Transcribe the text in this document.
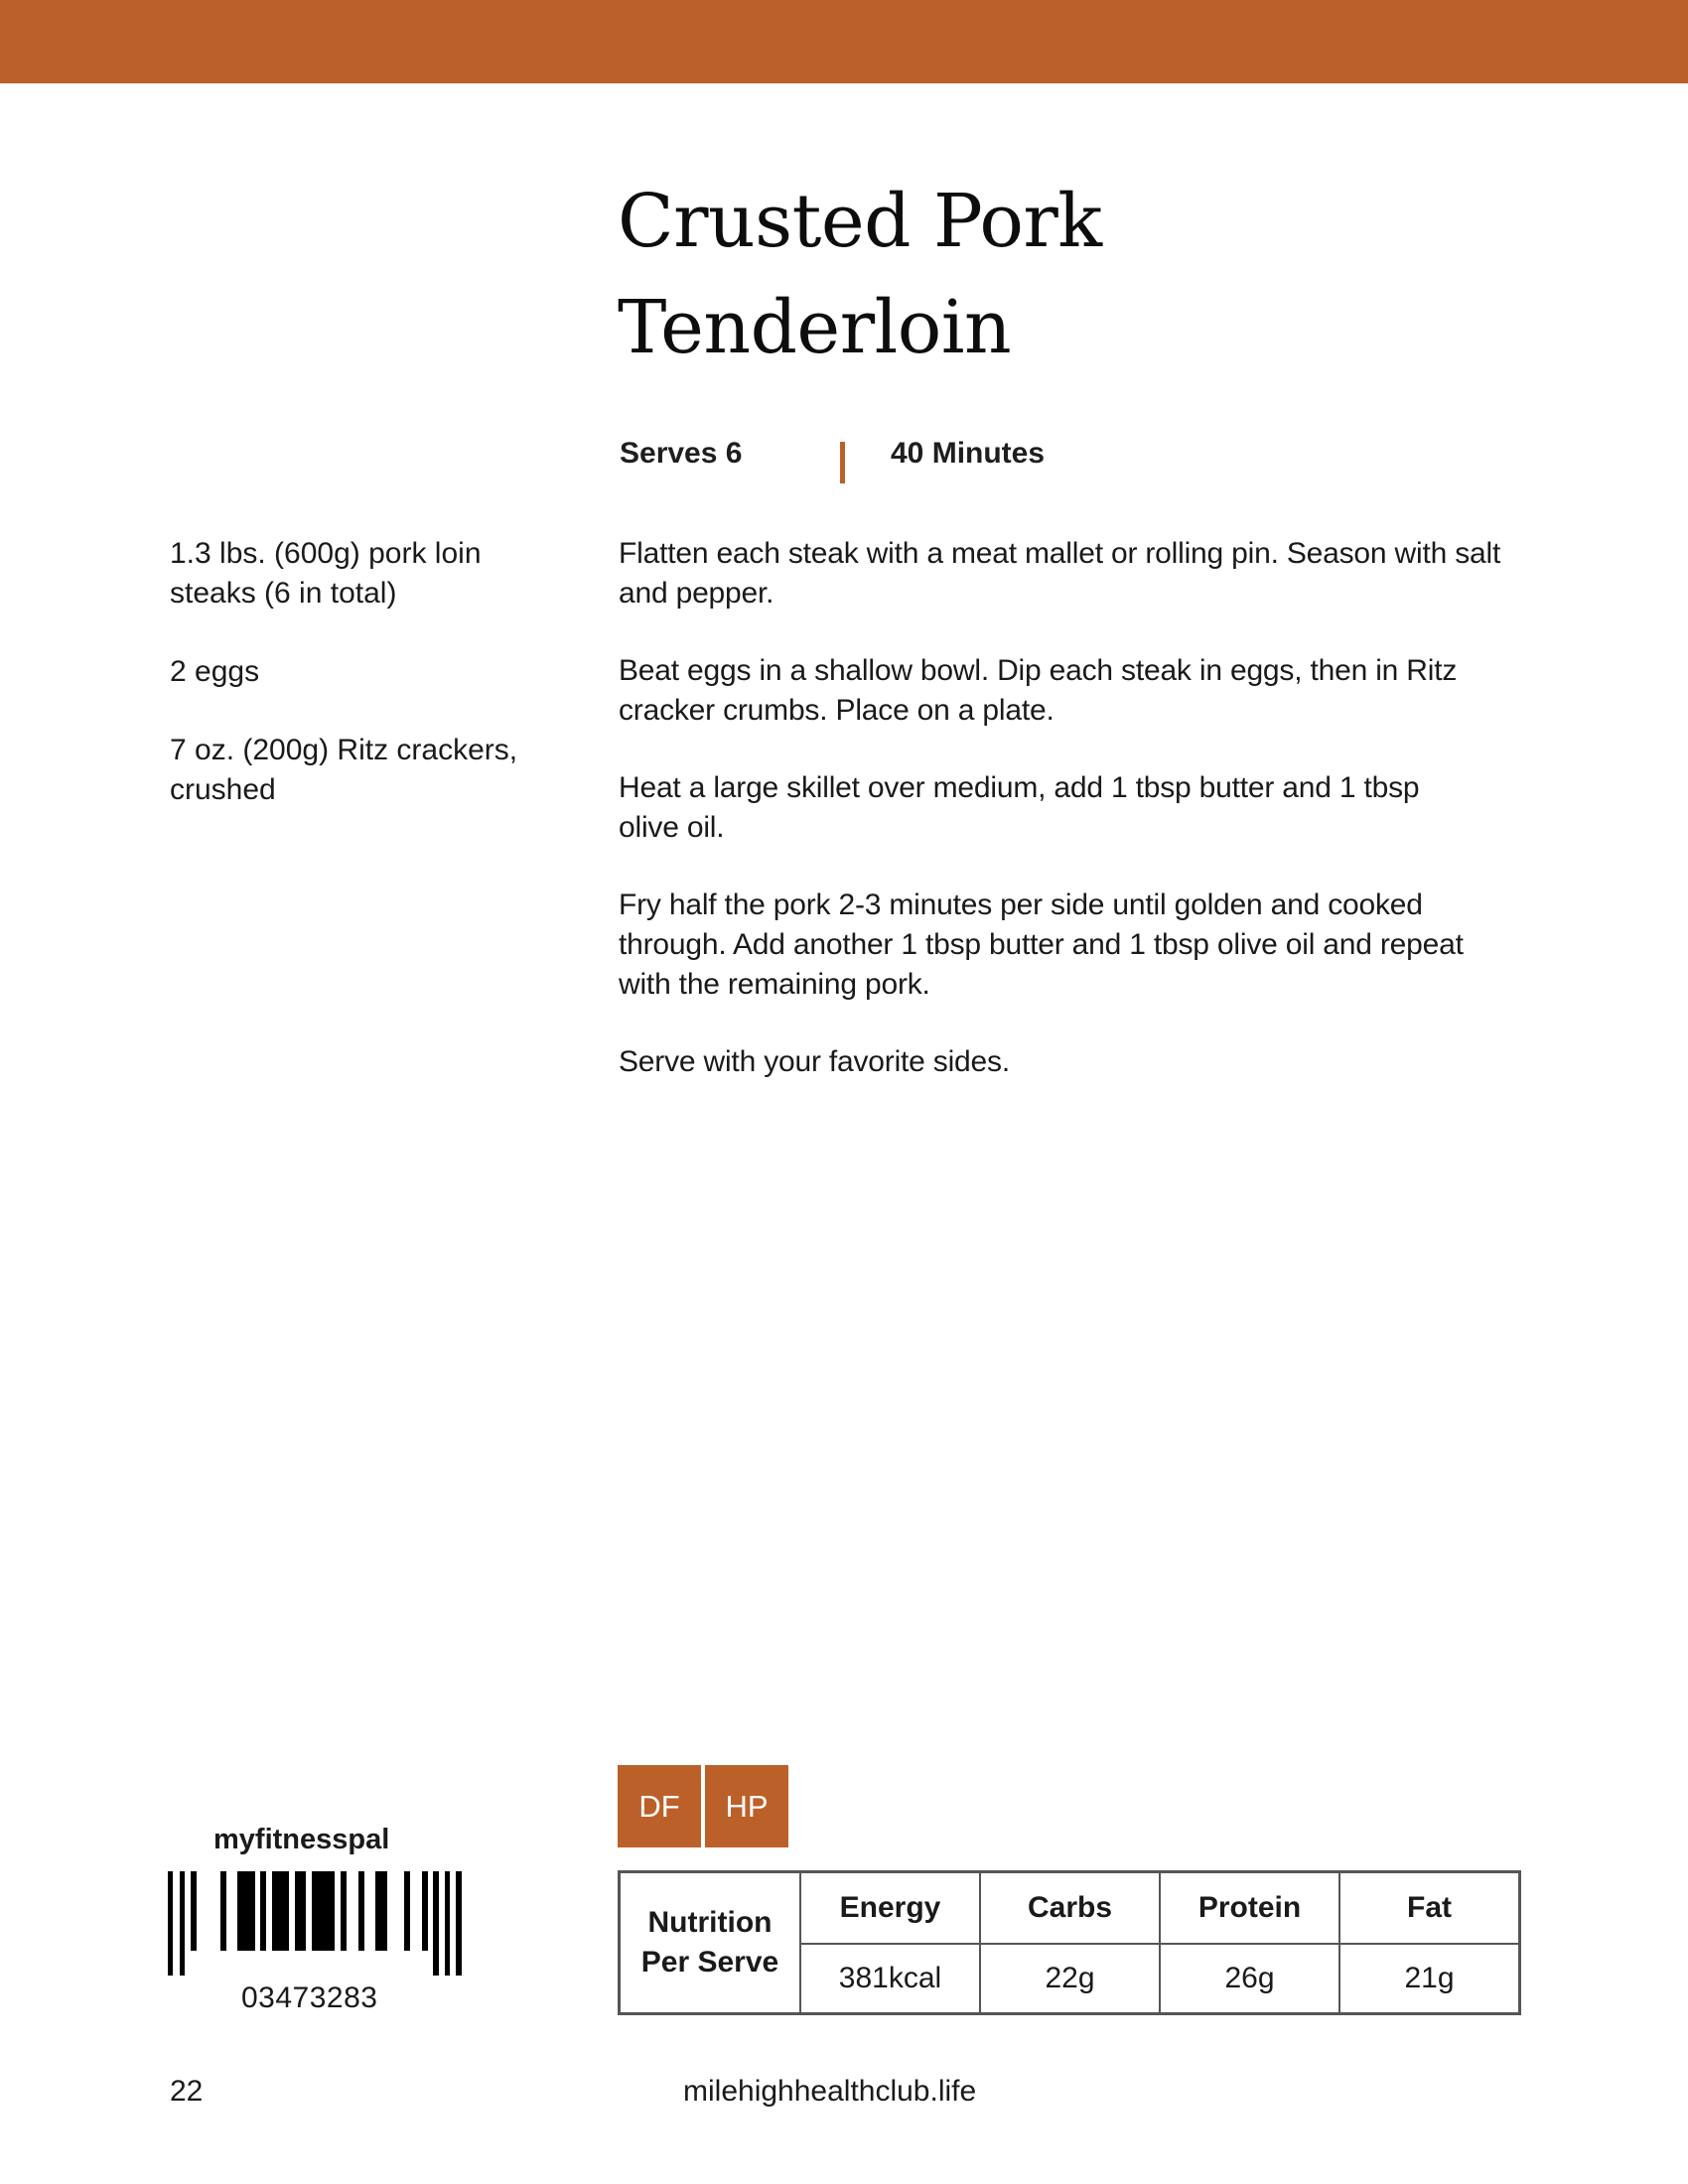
Crusted Pork
Tenderloin
Serves 6	40 Minutes

1.3 lbs. (600g) pork loin steaks (6 in total)

2 eggs

7 oz. (200g) Ritz crackers, crushed

Flatten each steak with a meat mallet or rolling pin. Season with salt and pepper.

Beat eggs in a shallow bowl. Dip each steak in eggs, then in Ritz cracker crumbs. Place on a plate.

Heat a large skillet over medium, add 1 tbsp butter and 1 tbsp olive oil.

Fry half the pork 2-3 minutes per side until golden and cooked through. Add another 1 tbsp butter and 1 tbsp olive oil and repeat with the remaining pork.

Serve with your favorite sides.

DF	HP
Nutrition
Per Serve	Energy	Carbs	Protein	Fat
	381kcal	22g	26g	21g
myfitnesspal
03473283
22	milehighhealthclub.life
